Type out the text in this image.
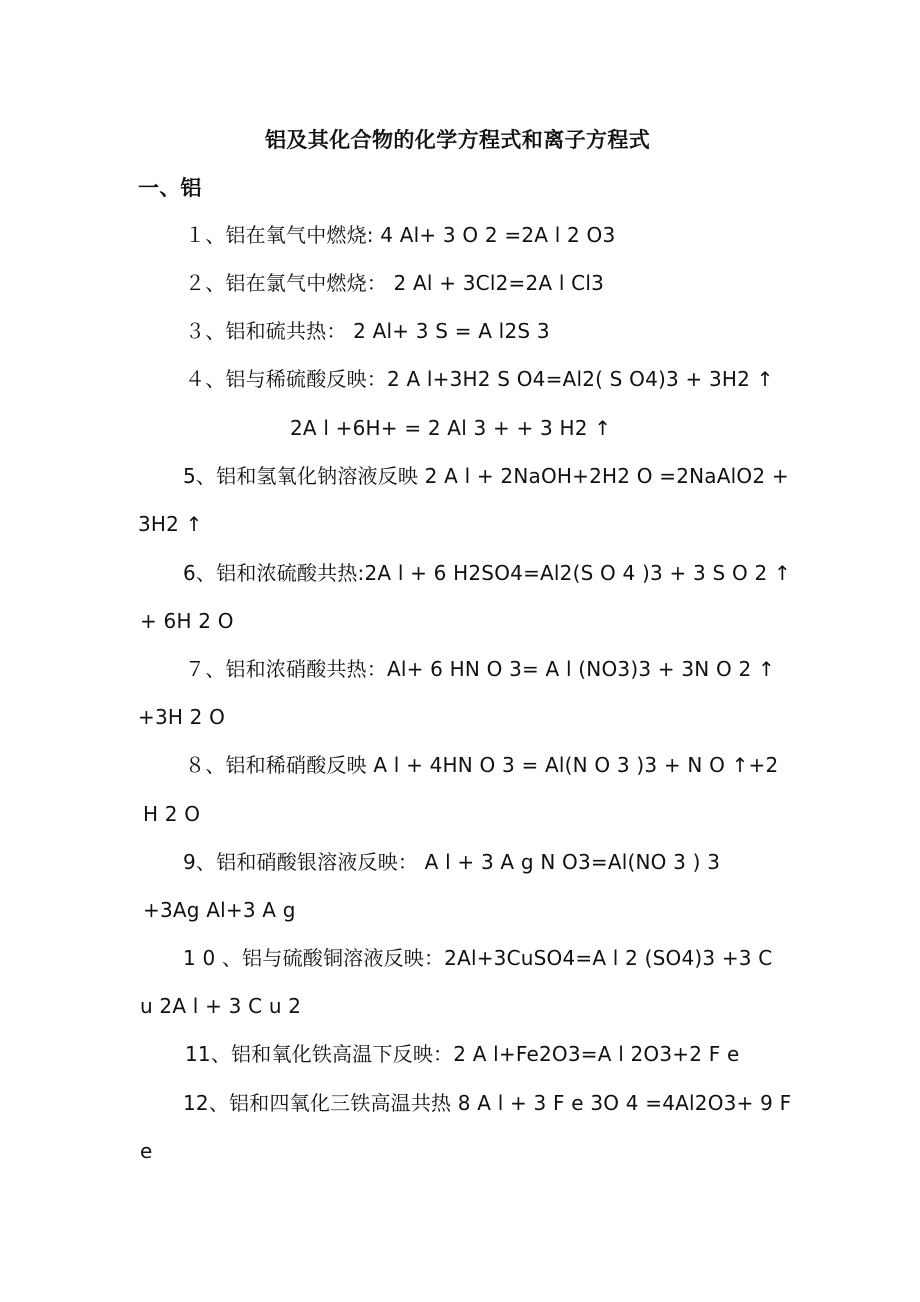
铝及其化合物的化学方程式和离子方程式
一、铝
１、铝在氧气中燃烧: 4 Al+ 3 O 2 =2A l 2 O3
２、铝在氯气中燃烧： 2 Al + 3Cl2=2A l Cl3
３、铝和硫共热： 2 Al+ 3 S = A l2S 3
４、铝与稀硫酸反映：2 A l+3H2 S O4=Al2( S O4)3 + 3H2 ↑
2A l +6H+ = 2 Al 3 + + 3 H2 ↑
5、铝和氢氧化钠溶液反映 2 A l + 2NaOH+2H2 O =2NaAlO2 +
3H2 ↑
6、铝和浓硫酸共热:2A l + 6 H2SO4=Al2(S O 4 )3 + 3 S O 2 ↑
+ 6H 2 O
７、铝和浓硝酸共热：Al+ 6 HN O 3= A l (NO3)3 + 3N O 2 ↑
+3H 2 O
８、铝和稀硝酸反映 A l + 4HN O 3 = Al(N O 3 )3 + N O ↑+2
H 2 O
9、铝和硝酸银溶液反映： A l + 3 A g N O3=Al(NO 3 ) 3
+3Ag Al+3 A g
1 0 、铝与硫酸铜溶液反映：2Al+3CuSO4=A l 2 (SO4)3 +3 C
u 2A l + 3 C u 2
11、铝和氧化铁高温下反映：2 A l+Fe2O3=A l 2O3+2 F e
12、铝和四氧化三铁高温共热 8 A l + 3 F e 3O 4 =4Al2O3+ 9 F
e
